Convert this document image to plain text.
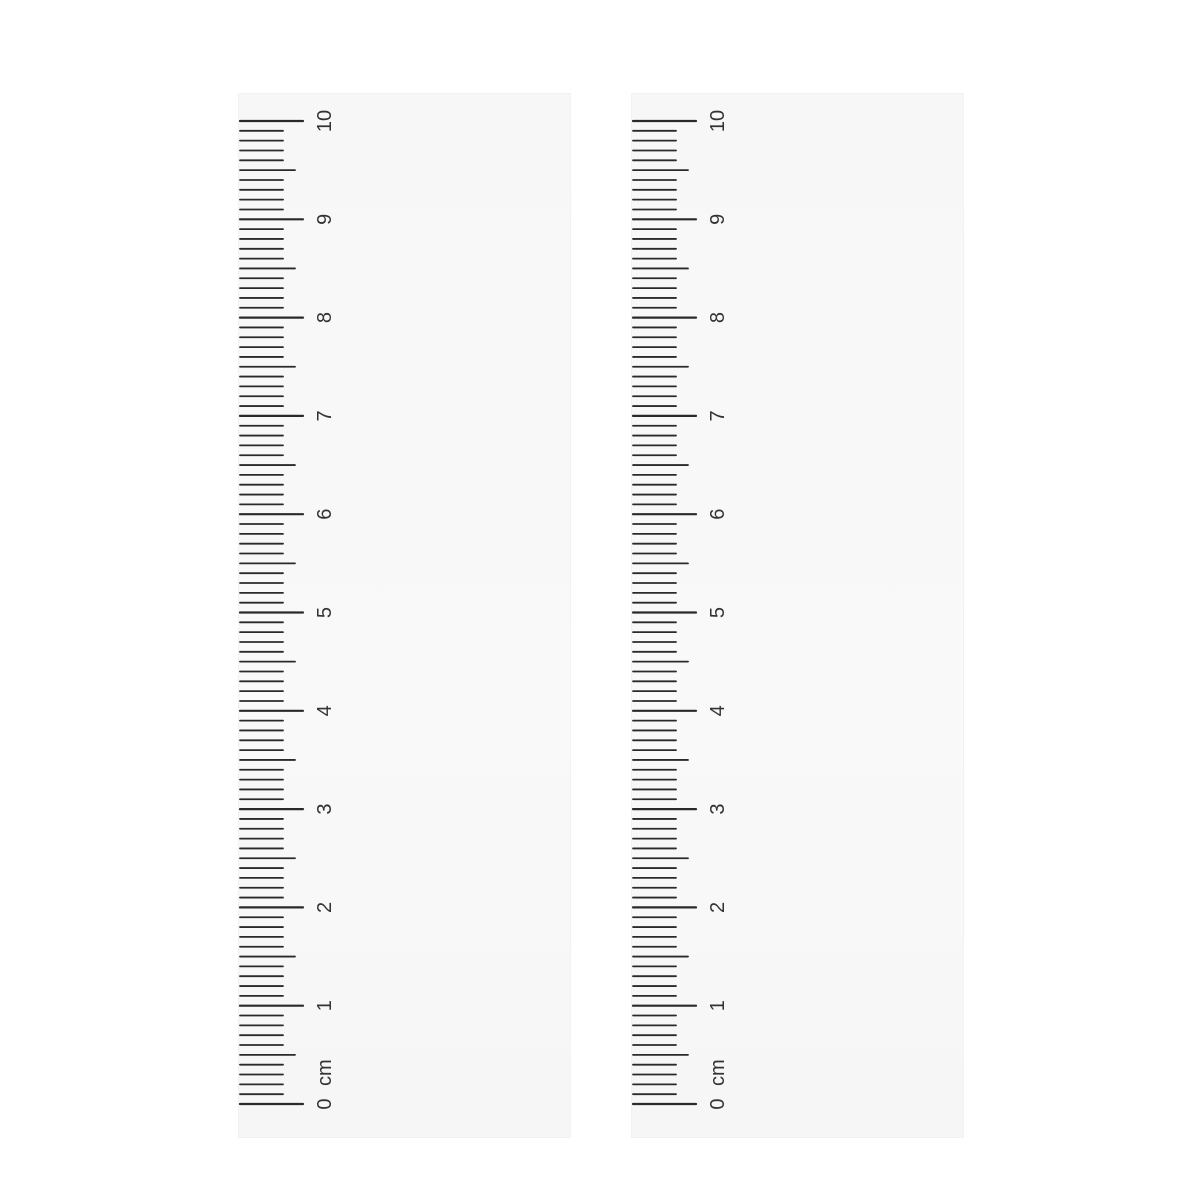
0
1
2
3
4
5
6
7
8
9
10
cm
0
1
2
3
4
5
6
7
8
9
10
cm
